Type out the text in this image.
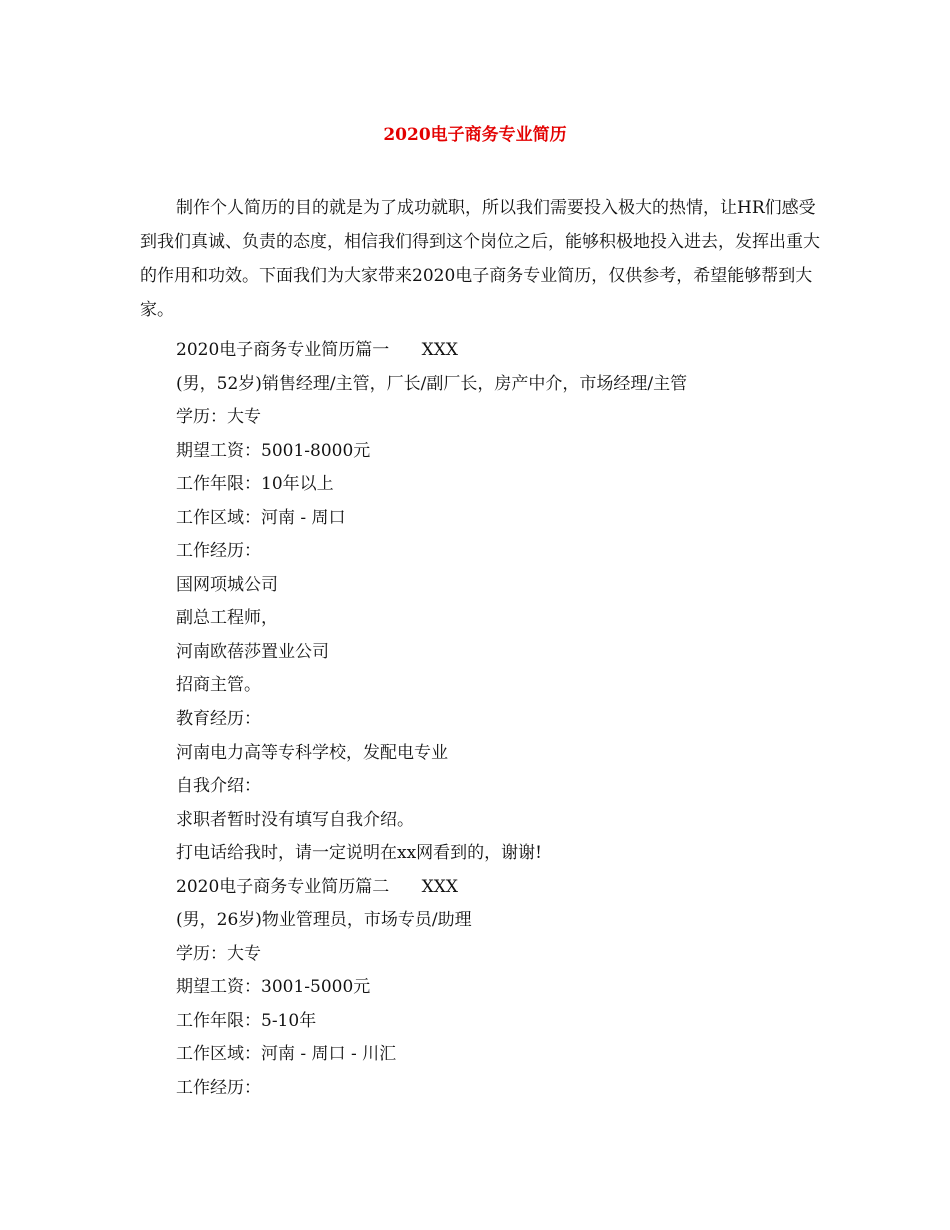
2020电子商务专业简历

制作个人简历的目的就是为了成功就职，所以我们需要投入极大的热情，让HR们感受到我们真诚、负责的态度，相信我们得到这个岗位之后，能够积极地投入进去，发挥出重大的作用和功效。下面我们为大家带来2020电子商务专业简历，仅供参考，希望能够帮到大家。

2020电子商务专业简历篇一      XXX
(男，52岁)销售经理/主管，厂长/副厂长，房产中介，市场经理/主管
学历：大专
期望工资：5001-8000元
工作年限：10年以上
工作区域：河南 - 周口
工作经历：
国网项城公司
副总工程师，
河南欧蓓莎置业公司
招商主管。
教育经历：
河南电力高等专科学校，发配电专业
自我介绍：
求职者暂时没有填写自我介绍。
打电话给我时，请一定说明在xx网看到的，谢谢!
2020电子商务专业简历篇二      XXX
(男，26岁)物业管理员，市场专员/助理
学历：大专
期望工资：3001-5000元
工作年限：5-10年
工作区域：河南 - 周口 - 川汇
工作经历：
